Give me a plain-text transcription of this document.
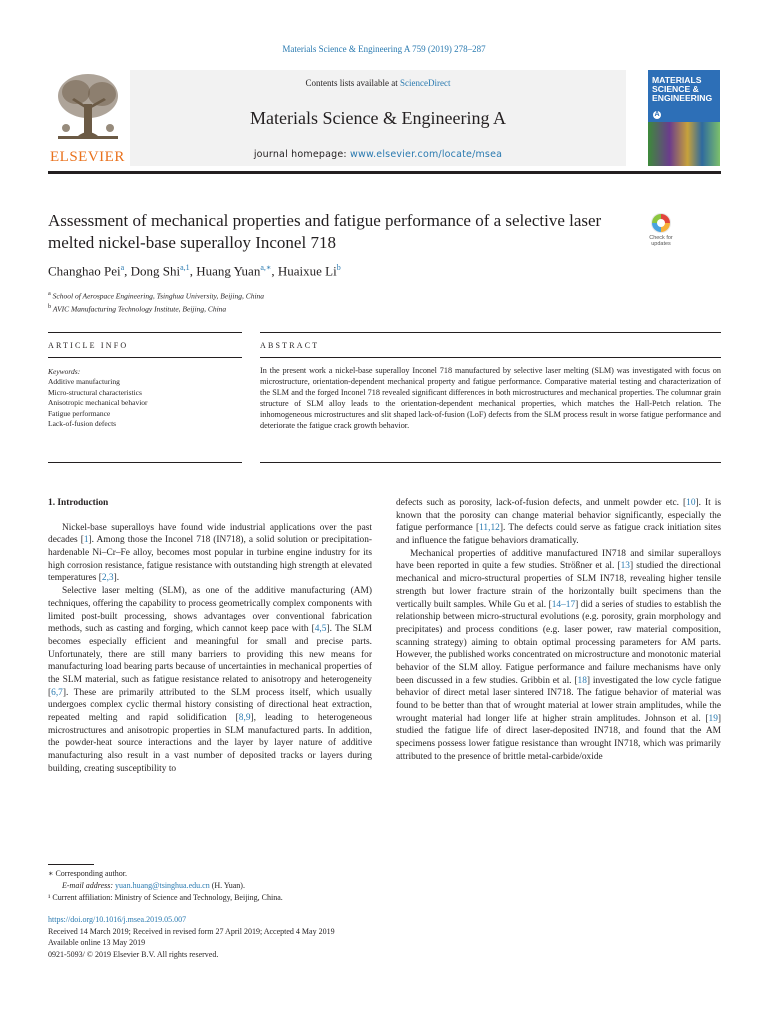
Materials Science & Engineering A 759 (2019) 278–287
ELSEVIER
Contents lists available at ScienceDirect
Materials Science & Engineering A
journal homepage: www.elsevier.com/locate/msea
MATERIALS SCIENCE & ENGINEERING
A
Assessment of mechanical properties and fatigue performance of a selective laser melted nickel-base superalloy Inconel 718	Check for updates
Changhao Pei$^a$, Dong Shi$^{a,1}$, Huang Yuan$^{a,∗}$, Huaixue Li$^b$
$^a$ School of Aerospace Engineering, Tsinghua University, Beijing, China
$^b$ AVIC Manufacturing Technology Institute, Beijing, China
ARTICLE INFO	ABSTRACT
Keywords:
Additive manufacturing
Micro-structural characteristics
Anisotropic mechanical behavior
Fatigue performance
Lack-of-fusion defects
In the present work a nickel-base superalloy Inconel 718 manufactured by selective laser melting (SLM) was investigated with focus on microstructure, orientation-dependent mechanical property and fatigue performance. Comparative material testing and characterization of the SLM and the forged Inconel 718 revealed significant differences in both microstructures and mechanical properties. The columnar grain structure of SLM alloy leads to the orientation-dependent mechanical properties, which matches the Hall-Petch relation. The inhomogeneous microstructures and slit shaped lack-of-fusion (LoF) defects from the SLM process result in worse fatigue performance and deteriorate the fatigue crack growth behavior.

1. Introduction

Nickel-base superalloys have found wide industrial applications over the past decades [1]. Among those the Inconel 718 (IN718), a solid solution or precipitation-hardenable Ni–Cr–Fe alloy, becomes most popular in turbine engine industry for its high corrosion resistance, fatigue resistance with outstanding high strength at elevated temperatures [2,3].

Selective laser melting (SLM), as one of the additive manufacturing (AM) techniques, offering the capability to process geometrically complex components with limited post-built processing, shows advantages over conventional fabrication methods, such as casting and forging, which cannot keep pace with [4,5]. The SLM becomes especially efficient and meaningful for small and precise parts. Unfortunately, there are still many barriers to providing this new means for manufacturing load bearing parts because of uncertainties in mechanical properties of the SLM material, such as fatigue resistance related to anisotropy and heterogeneity [6,7]. These are primarily attributed to the SLM process itself, which usually undergoes complex cyclic thermal history consisting of directional heat extraction, repeated melting and rapid solidification [8,9], leading to heterogeneous microstructures and anisotropic properties in SLM manufactured parts. In addition, the powder-heat source interactions and the layer by layer nature of additive manufacturing also result in a vast number of deposited tracks or layers during building, creating susceptibility to

defects such as porosity, lack-of-fusion defects, and unmelt powder etc. [10]. It is known that the porosity can change material behavior significantly, especially the fatigue performance [11,12]. The defects could serve as fatigue crack initiation sites and influence the fatigue behaviors dramatically.

Mechanical properties of additive manufactured IN718 and similar superalloys have been reported in quite a few studies. Strößner et al. [13] studied the directional mechanical and micro-structural properties of SLM IN718, revealing higher tensile strength but lower fracture strain of the horizontally built specimens than the vertically built samples. While Gu et al. [14–17] did a series of studies to establish the relationship between micro-structural evolutions (e.g. porosity, grain morphology and precipitates) and process conditions (e.g. laser power, raw material composition, scanning strategy) aiming to obtain optimal processing parameters for AM parts. However, the published works concentrated on microstructure and monotonic material behavior of the SLM alloy. Fatigue performance and failure mechanisms have only been discussed in a few studies. Gribbin et al. [18] investigated the low cycle fatigue behavior of direct metal laser sintered IN718. The fatigue behavior of material was found to be better than that of wrought material at lower strain amplitudes, while the wrought material had longer life at higher strain amplitudes. Johnson et al. [19] studied the fatigue life of direct laser-deposited IN718, and found that the AM specimens possess lower fatigue resistance than wrought IN718, which was primarily attributed to the presence of brittle metal-carbide/oxide

∗ Corresponding author.
E-mail address: yuan.huang@tsinghua.edu.cn (H. Yuan).
¹ Current affiliation: Ministry of Science and Technology, Beijing, China.
https://doi.org/10.1016/j.msea.2019.05.007
Received 14 March 2019; Received in revised form 27 April 2019; Accepted 4 May 2019
Available online 13 May 2019
0921-5093/ © 2019 Elsevier B.V. All rights reserved.
